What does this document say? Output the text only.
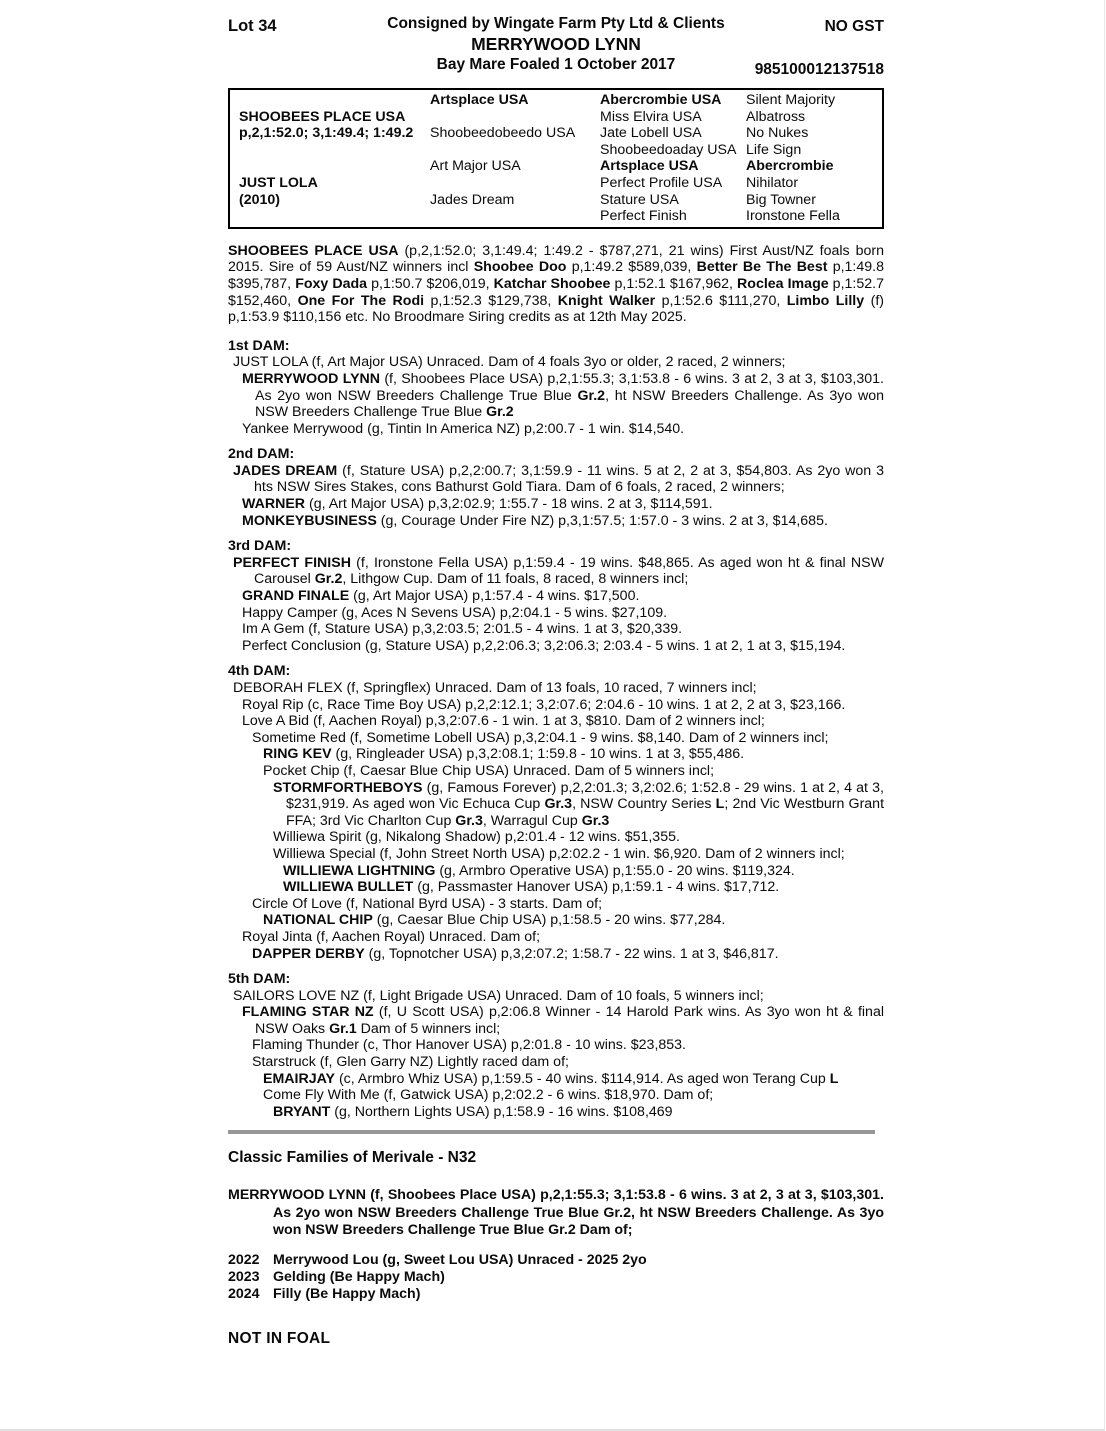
Lot 34	Consigned by Wingate Farm Pty Ltd & Clients
MERRYWOOD LYNN
Bay Mare Foaled 1 October 2017
NO GST
985100012137518
SHOOBEES PLACE USA
p,2,1:52.0; 3,1:49.4; 1:49.2
JUST LOLA
(2010)
Artsplace USA
Shoobeedobeedo USA
Art Major USA
Jades Dream
Abercrombie USA
Miss Elvira USA
Jate Lobell USA
Shoobeedoaday USA
Artsplace USA
Perfect Profile USA
Stature USA
Perfect Finish
Silent Majority
Albatross
No Nukes
Life Sign
Abercrombie
Nihilator
Big Towner
Ironstone Fella
SHOOBEES PLACE USA (p,2,1:52.0; 3,1:49.4; 1:49.2 - $787,271, 21 wins) First Aust/NZ foals born 2015. Sire of 59 Aust/NZ winners incl Shoobee Doo p,1:49.2 $589,039, Better Be The Best p,1:49.8 $395,787, Foxy Dada p,1:50.7 $206,019, Katchar Shoobee p,1:52.1 $167,962, Roclea Image p,1:52.7 $152,460, One For The Rodi p,1:52.3 $129,738, Knight Walker p,1:52.6 $111,270, Limbo Lilly (f) p,1:53.9 $110,156 etc. No Broodmare Siring credits as at 12th May 2025.
1st DAM:
JUST LOLA (f, Art Major USA) Unraced. Dam of 4 foals 3yo or older, 2 raced, 2 winners;
MERRYWOOD LYNN (f, Shoobees Place USA) p,2,1:55.3; 3,1:53.8 - 6 wins. 3 at 2, 3 at 3, $103,301. As 2yo won NSW Breeders Challenge True Blue Gr.2, ht NSW Breeders Challenge. As 3yo won NSW Breeders Challenge True Blue Gr.2
Yankee Merrywood (g, Tintin In America NZ) p,2:00.7 - 1 win. $14,540.
2nd DAM:
JADES DREAM (f, Stature USA) p,2,2:00.7; 3,1:59.9 - 11 wins. 5 at 2, 2 at 3, $54,803. As 2yo won 3 hts NSW Sires Stakes, cons Bathurst Gold Tiara. Dam of 6 foals, 2 raced, 2 winners;
WARNER (g, Art Major USA) p,3,2:02.9; 1:55.7 - 18 wins. 2 at 3, $114,591.
MONKEYBUSINESS (g, Courage Under Fire NZ) p,3,1:57.5; 1:57.0 - 3 wins. 2 at 3, $14,685.
3rd DAM:
PERFECT FINISH (f, Ironstone Fella USA) p,1:59.4 - 19 wins. $48,865. As aged won ht & final NSW Carousel Gr.2, Lithgow Cup. Dam of 11 foals, 8 raced, 8 winners incl;
GRAND FINALE (g, Art Major USA) p,1:57.4 - 4 wins. $17,500.
Happy Camper (g, Aces N Sevens USA) p,2:04.1 - 5 wins. $27,109.
Im A Gem (f, Stature USA) p,3,2:03.5; 2:01.5 - 4 wins. 1 at 3, $20,339.
Perfect Conclusion (g, Stature USA) p,2,2:06.3; 3,2:06.3; 2:03.4 - 5 wins. 1 at 2, 1 at 3, $15,194.
4th DAM:
DEBORAH FLEX (f, Springflex) Unraced. Dam of 13 foals, 10 raced, 7 winners incl;
Royal Rip (c, Race Time Boy USA) p,2,2:12.1; 3,2:07.6; 2:04.6 - 10 wins. 1 at 2, 2 at 3, $23,166.
Love A Bid (f, Aachen Royal) p,3,2:07.6 - 1 win. 1 at 3, $810. Dam of 2 winners incl;
Sometime Red (f, Sometime Lobell USA) p,3,2:04.1 - 9 wins. $8,140. Dam of 2 winners incl;
RING KEV (g, Ringleader USA) p,3,2:08.1; 1:59.8 - 10 wins. 1 at 3, $55,486.
Pocket Chip (f, Caesar Blue Chip USA) Unraced. Dam of 5 winners incl;
STORMFORTHEBOYS (g, Famous Forever) p,2,2:01.3; 3,2:02.6; 1:52.8 - 29 wins. 1 at 2, 4 at 3, $231,919. As aged won Vic Echuca Cup Gr.3, NSW Country Series L; 2nd Vic Westburn Grant FFA; 3rd Vic Charlton Cup Gr.3, Warragul Cup Gr.3
Williewa Spirit (g, Nikalong Shadow) p,2:01.4 - 12 wins. $51,355.
Williewa Special (f, John Street North USA) p,2:02.2 - 1 win. $6,920. Dam of 2 winners incl;
WILLIEWA LIGHTNING (g, Armbro Operative USA) p,1:55.0 - 20 wins. $119,324.
WILLIEWA BULLET (g, Passmaster Hanover USA) p,1:59.1 - 4 wins. $17,712.
Circle Of Love (f, National Byrd USA) - 3 starts. Dam of;
NATIONAL CHIP (g, Caesar Blue Chip USA) p,1:58.5 - 20 wins. $77,284.
Royal Jinta (f, Aachen Royal) Unraced. Dam of;
DAPPER DERBY (g, Topnotcher USA) p,3,2:07.2; 1:58.7 - 22 wins. 1 at 3, $46,817.
5th DAM:
SAILORS LOVE NZ (f, Light Brigade USA) Unraced. Dam of 10 foals, 5 winners incl;
FLAMING STAR NZ (f, U Scott USA) p,2:06.8 Winner - 14 Harold Park wins. As 3yo won ht & final NSW Oaks Gr.1 Dam of 5 winners incl;
Flaming Thunder (c, Thor Hanover USA) p,2:01.8 - 10 wins. $23,853.
Starstruck (f, Glen Garry NZ) Lightly raced dam of;
EMAIRJAY (c, Armbro Whiz USA) p,1:59.5 - 40 wins. $114,914. As aged won Terang Cup L
Come Fly With Me (f, Gatwick USA) p,2:02.2 - 6 wins. $18,970. Dam of;
BRYANT (g, Northern Lights USA) p,1:58.9 - 16 wins. $108,469
Classic Families of Merivale - N32
MERRYWOOD LYNN (f, Shoobees Place USA) p,2,1:55.3; 3,1:53.8 - 6 wins. 3 at 2, 3 at 3, $103,301. As 2yo won NSW Breeders Challenge True Blue Gr.2, ht NSW Breeders Challenge. As 3yo won NSW Breeders Challenge True Blue Gr.2 Dam of;
2022 Merrywood Lou (g, Sweet Lou USA) Unraced - 2025 2yo
2023 Gelding (Be Happy Mach)
2024 Filly (Be Happy Mach)
NOT IN FOAL
